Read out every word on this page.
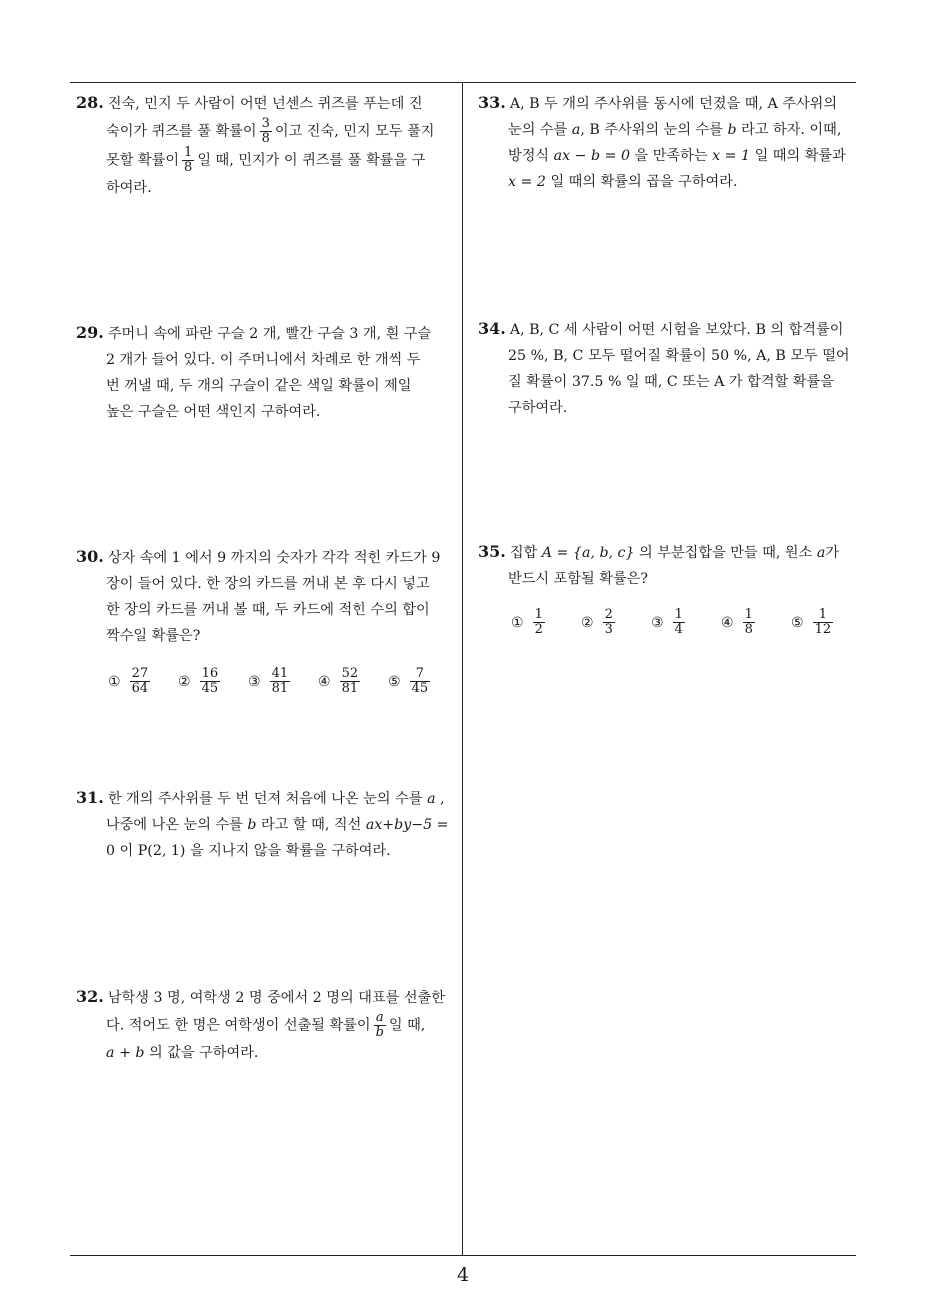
28. 진숙, 민지 두 사람이 어떤 넌센스 퀴즈를 푸는데 진
숙이가 퀴즈를 풀 확률이 $\frac{3}{8}$ 이고 진숙, 민지 모두 풀지
못할 확률이 $\frac{1}{8}$ 일 때, 민지가 이 퀴즈를 풀 확률을 구
하여라.
29. 주머니 속에 파란 구슬 2 개, 빨간 구슬 3 개, 흰 구슬
2 개가 들어 있다. 이 주머니에서 차례로 한 개씩 두
번 꺼낼 때, 두 개의 구슬이 같은 색일 확률이 제일
높은 구슬은 어떤 색인지 구하여라.
30. 상자 속에 1 에서 9 까지의 숫자가 각각 적힌 카드가 9
장이 들어 있다. 한 장의 카드를 꺼내 본 후 다시 넣고
한 장의 카드를 꺼내 볼 때, 두 카드에 적힌 수의 합이
짝수일 확률은?
① $\frac{27}{64}$ ② $\frac{16}{45}$ ③ $\frac{41}{81}$ ④ $\frac{52}{81}$ ⑤ $\frac{7}{45}$
31. 한 개의 주사위를 두 번 던져 처음에 나온 눈의 수를 a ,
나중에 나온 눈의 수를 b 라고 할 때, 직선 ax+by−5 =
0 이 P(2, 1) 을 지나지 않을 확률을 구하여라.
32. 남학생 3 명, 여학생 2 명 중에서 2 명의 대표를 선출한
다. 적어도 한 명은 여학생이 선출될 확률이 $\frac{a}{b}$ 일 때,
a + b 의 값을 구하여라.
33. A, B 두 개의 주사위를 동시에 던졌을 때, A 주사위의
눈의 수를 a, B 주사위의 눈의 수를 b 라고 하자. 이때,
방정식 ax − b = 0 을 만족하는 x = 1 일 때의 확률과
x = 2 일 때의 확률의 곱을 구하여라.
34. A, B, C 세 사람이 어떤 시험을 보았다. B 의 합격률이
25 %, B, C 모두 떨어질 확률이 50 %, A, B 모두 떨어
질 확률이 37.5 % 일 때, C 또는 A 가 합격할 확률을
구하여라.
35. 집합 A = {a, b, c} 의 부분집합을 만들 때, 원소 a가
반드시 포함될 확률은?
① $\frac{1}{2}$	② $\frac{2}{3}$	③ $\frac{1}{4}$	④ $\frac{1}{8}$	⑤ $\frac{1}{12}$
4
